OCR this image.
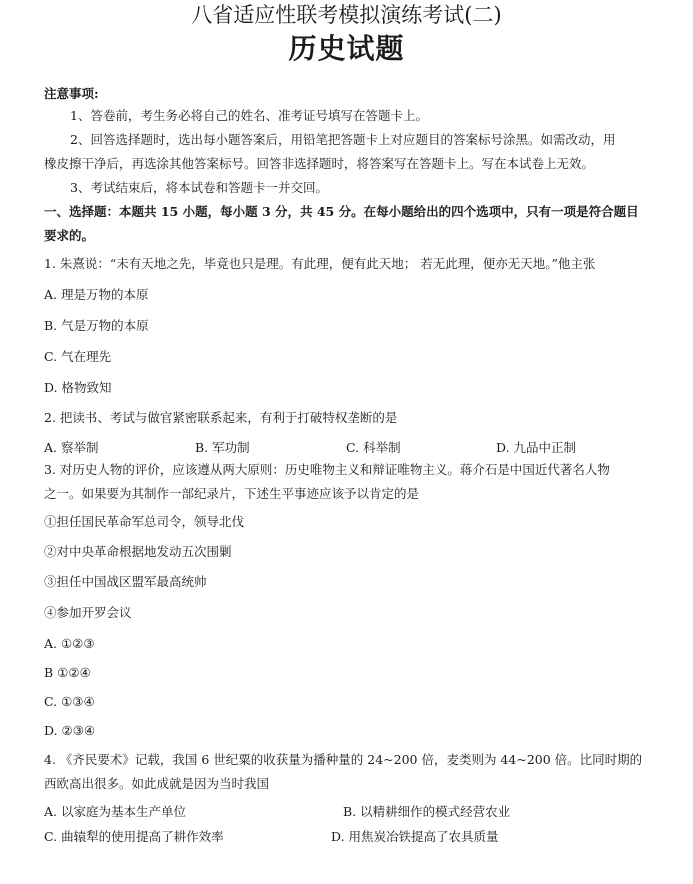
八省适应性联考模拟演练考试(二)
历史试题
注意事项:
1、答卷前，考生务必将自己的姓名、准考证号填写在答题卡上。
2、回答选择题时，选出每小题答案后，用铅笔把答题卡上对应题目的答案标号涂黑。如需改动，用
橡皮擦干净后，再选涂其他答案标号。回答非选择题时，将答案写在答题卡上。写在本试卷上无效。
3、考试结束后，将本试卷和答题卡一并交回。
一、选择题：本题共 15 小题，每小题 3 分，共 45 分。在每小题给出的四个选项中，只有一项是符合题目
要求的。
1. 朱熹说：“未有天地之先，毕竟也只是理。有此理，便有此天地； 若无此理，便亦无天地。”他主张
A. 理是万物的本原
B. 气是万物的本原
C. 气在理先
D. 格物致知
2. 把读书、考试与做官紧密联系起来，有利于打破特权垄断的是
A. 察举制	B. 军功制	C. 科举制	D. 九品中正制
3. 对历史人物的评价，应该遵从两大原则：历史唯物主义和辩证唯物主义。蒋介石是中国近代著名人物
之一。如果要为其制作一部纪录片，下述生平事迹应该予以肯定的是
①担任国民革命军总司令，领导北伐
②对中央革命根据地发动五次围剿
③担任中国战区盟军最高统帅
④参加开罗会议
A. ①②③
B ①②④
C. ①③④
D. ②③④
4. 《齐民要术》记载，我国 6 世纪粟的收获量为播种量的 24~200 倍，麦类则为 44~200 倍。比同时期的
西欧高出很多。如此成就是因为当时我国
A. 以家庭为基本生产单位	B. 以精耕细作的模式经营农业
C. 曲辕犁的使用提高了耕作效率	D. 用焦炭冶铁提高了农具质量
